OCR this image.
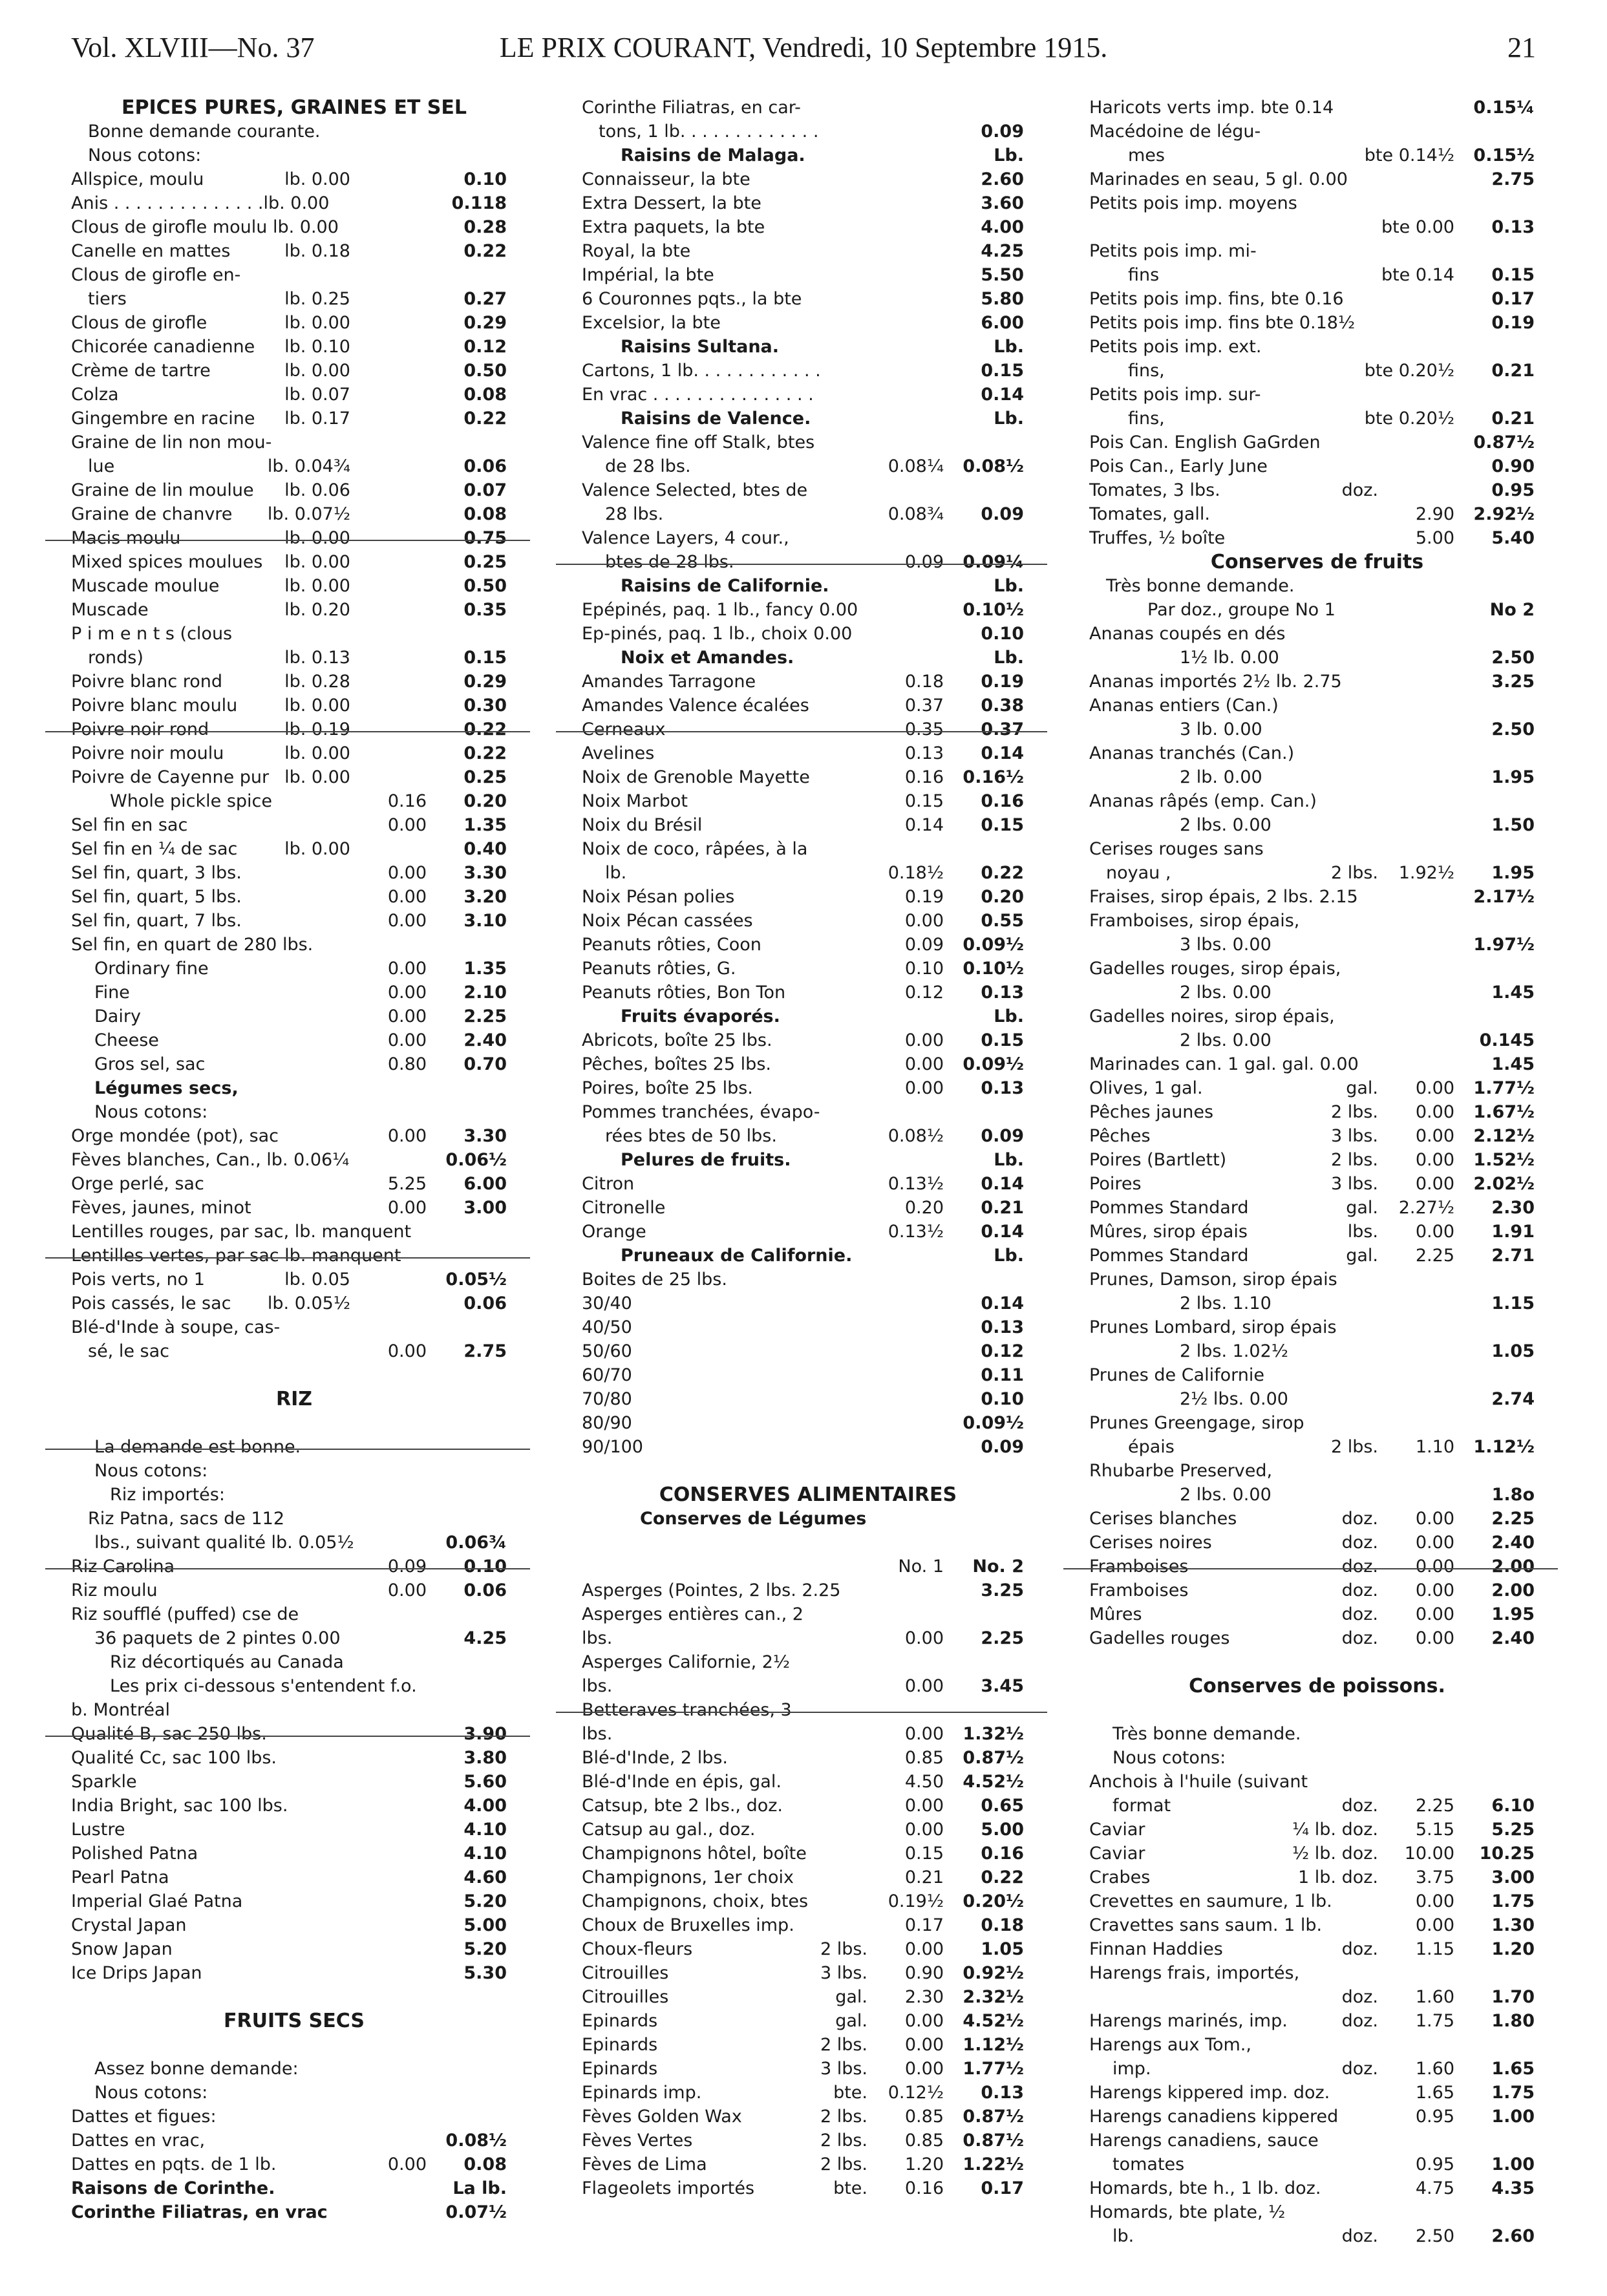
Vol. XLVIII—No. 37	LE PRIX COURANT, Vendredi, 10 Septembre 1915.	21
EPICES PURES, GRAINES ET SEL
Bonne demande courante.
Nous cotons:
Allspice, moulu	lb. 0.00	0.10
Anis . . . . . . . . . . . . . .lb. 0.00	0.118
Clous de girofle moulu lb. 0.00	0.28
Canelle en mattes	lb. 0.18	0.22
Clous de girofle en-
tiers	lb. 0.25	0.27
Clous de girofle	lb. 0.00	0.29
Chicorée canadienne lb. 0.10	0.12
Crème de tartre	lb. 0.00	0.50
Colza	lb. 0.07	0.08
Gingembre en racine lb. 0.17	0.22
Graine de lin non mou-
lue	lb. 0.04¾	0.06
Graine de lin moulue lb. 0.06	0.07
Graine de chanvre lb. 0.07½	0.08
Macis moulu	lb. 0.00	0.75
Mixed spices moulues lb. 0.00	0.25
Muscade moulue	lb. 0.00	0.50
Muscade	lb. 0.20	0.35
P i m e n t s (clous
ronds)	lb. 0.13	0.15
Poivre blanc rond	lb. 0.28	0.29
Poivre blanc moulu	lb. 0.00	0.30
Poivre noir rond	lb. 0.19	0.22
Poivre noir moulu	lb. 0.00	0.22
Poivre de Cayenne pur lb. 0.00	0.25
Whole pickle spice	0.16 0.20
Sel fin en sac	0.00 1.35
Sel fin en ¼ de sac	lb. 0.00	0.40
Sel fin, quart, 3 lbs.	0.00 3.30
Sel fin, quart, 5 lbs.	0.00 3.20
Sel fin, quart, 7 lbs.	0.00 3.10
Sel fin, en quart de 280 lbs.
Ordinary fine	0.00 1.35
Fine	0.00 2.10
Dairy	0.00 2.25
Cheese	0.00 2.40
Gros sel, sac	0.80 0.70
Légumes secs,
Nous cotons:
Orge mondée (pot), sac	0.00 3.30
Fèves blanches, Can., lb. 0.06¼	0.06½
Orge perlé, sac	5.25 6.00
Fèves, jaunes, minot	0.00 3.00
Lentilles rouges, par sac, lb. manquent
Lentilles vertes, par sac lb. manquent
Pois verts, no 1	lb. 0.05	0.05½
Pois cassés, le sac lb. 0.05½	0.06
Blé-d'Inde à soupe, cas-
sé, le sac	0.00 2.75
RIZ
La demande est bonne.
Nous cotons:
Riz importés:
Riz Patna, sacs de 112
lbs., suivant qualité lb. 0.05½	0.06¾
Riz Carolina	0.09 0.10
Riz moulu	0.00 0.06
Riz soufflé (puffed) cse de
36 paquets de 2 pintes 0.00	4.25
Riz décortiqués au Canada
Les prix ci-dessous s'entendent f.o.
b. Montréal
Qualité B, sac 250 lbs.	3.90
Qualité Cc, sac 100 lbs.	3.80
Sparkle	5.60
India Bright, sac 100 lbs.	4.00
Lustre	4.10
Polished Patna	4.10
Pearl Patna	4.60
Imperial Glaé Patna	5.20
Crystal Japan	5.00
Snow Japan	5.20
Ice Drips Japan	5.30
FRUITS SECS
Assez bonne demande:
Nous cotons:
Dattes et figues:
Dattes en vrac,	0.08½
Dattes en pqts. de 1 lb.	0.00 0.08
Raisons de Corinthe.	La lb.
Corinthe Filiatras, en vrac	0.07½
Corinthe Filiatras, en car-
tons, 1 lb. . . . . . . . . . . . .	0.09
Raisins de Malaga.	Lb.
Connaisseur, la bte	2.60
Extra Dessert, la bte	3.60
Extra paquets, la bte	4.00
Royal, la bte	4.25
Impérial, la bte	5.50
6 Couronnes pqts., la bte	5.80
Excelsior, la bte	6.00
Raisins Sultana.	Lb.
Cartons, 1 lb. . . . . . . . . . . .	0.15
En vrac . . . . . . . . . . . . . . .	0.14
Raisins de Valence.	Lb.
Valence fine off Stalk, btes
de 28 lbs.	0.08¼ 0.08½
Valence Selected, btes de
28 lbs.	0.08¾ 0.09
Valence Layers, 4 cour.,
btes de 28 lbs.	0.09 0.09¼
Raisins de Californie.	Lb.
Epépinés, paq. 1 lb., fancy 0.00	0.10½
Ep-pinés, paq. 1 lb., choix 0.00	0.10
Noix et Amandes.	Lb.
Amandes Tarragone	0.18 0.19
Amandes Valence écalées	0.37 0.38
Cerneaux	0.35 0.37
Avelines	0.13 0.14
Noix de Grenoble Mayette	0.16 0.16½
Noix Marbot	0.15 0.16
Noix du Brésil	0.14 0.15
Noix de coco, râpées, à la
lb.	0.18½ 0.22
Noix Pésan polies	0.19 0.20
Noix Pécan cassées	0.00 0.55
Peanuts rôties, Coon	0.09 0.09½
Peanuts rôties, G.	0.10 0.10½
Peanuts rôties, Bon Ton	0.12 0.13
Fruits évaporés.	Lb.
Abricots, boîte 25 lbs.	0.00 0.15
Pêches, boîtes 25 lbs.	0.00 0.09½
Poires, boîte 25 lbs.	0.00 0.13
Pommes tranchées, évapo-
rées btes de 50 lbs.	0.08½ 0.09
Pelures de fruits.	Lb.
Citron	0.13½ 0.14
Citronelle	0.20 0.21
Orange	0.13½ 0.14
Pruneaux de Californie.	Lb.
Boites de 25 lbs.
30/40	0.14
40/50	0.13
50/60	0.12
60/70	0.11
70/80	0.10
80/90	0.09½
90/100	0.09
CONSERVES ALIMENTAIRES
Conserves de Légumes
No. 1 No. 2
Asperges (Pointes, 2 lbs. 2.25	3.25
Asperges entières can., 2
lbs.	0.00 2.25
Asperges Californie, 2½
lbs.	0.00 3.45
Betteraves tranchées, 3
lbs.	0.00 1.32½
Blé-d'Inde, 2 lbs.	0.85 0.87½
Blé-d'Inde en épis, gal.	4.50 4.52½
Catsup, bte 2 lbs., doz.	0.00 0.65
Catsup au gal., doz.	0.00 5.00
Champignons hôtel, boîte	0.15 0.16
Champignons, 1er choix	0.21 0.22
Champignons, choix, btes	0.19½ 0.20½
Choux de Bruxelles imp.	0.17 0.18
Choux-fleurs	2 lbs. 0.00 1.05
Citrouilles	3 lbs. 0.90 0.92½
Citrouilles	gal. 2.30 2.32½
Epinards	gal. 0.00 4.52½
Epinards	2 lbs. 0.00 1.12½
Epinards	3 lbs. 0.00 1.77½
Epinards imp.	bte. 0.12½ 0.13
Fèves Golden Wax	2 lbs. 0.85 0.87½
Fèves Vertes	2 lbs. 0.85 0.87½
Fèves de Lima	2 lbs. 1.20 1.22½
Flageolets importés	bte. 0.16 0.17
Haricots verts imp. bte 0.14	0.15¼
Macédoine de légu-
mes	bte 0.14½ 0.15½
Marinades en seau, 5 gl. 0.00	2.75
Petits pois imp. moyens
bte 0.00 0.13
Petits pois imp. mi-
fins	bte 0.14 0.15
Petits pois imp. fins, bte 0.16	0.17
Petits pois imp. fins bte 0.18½	0.19
Petits pois imp. ext.
fins,	bte 0.20½ 0.21
Petits pois imp. sur-
fins,	bte 0.20½ 0.21
Pois Can. English GaGrden	0.87½
Pois Can., Early June	0.90
Tomates, 3 lbs.	doz.	0.95
Tomates, gall.	2.90 2.92½
Truffes, ½ boîte	5.00 5.40
Conserves de fruits
Très bonne demande.
Par doz., groupe No 1	No 2
Ananas coupés en dés
1½ lb. 0.00	2.50
Ananas importés 2½ lb. 2.75	3.25
Ananas entiers (Can.)
3 lb. 0.00	2.50
Ananas tranchés (Can.)
2 lb. 0.00	1.95
Ananas râpés (emp. Can.)
2 lbs. 0.00	1.50
Cerises rouges sans
noyau ,	2 lbs. 1.92½ 1.95
Fraises, sirop épais, 2 lbs. 2.15	2.17½
Framboises, sirop épais,
3 lbs. 0.00	1.97½
Gadelles rouges, sirop épais,
2 lbs. 0.00	1.45
Gadelles noires, sirop épais,
2 lbs. 0.00	0.145
Marinades can. 1 gal. gal. 0.00	1.45
Olives, 1 gal.	gal. 0.00 1.77½
Pêches jaunes	2 lbs. 0.00 1.67½
Pêches	3 lbs. 0.00 2.12½
Poires (Bartlett)	2 lbs. 0.00 1.52½
Poires	3 lbs. 0.00 2.02½
Pommes Standard	gal. 2.27½ 2.30
Mûres, sirop épais	lbs. 0.00 1.91
Pommes Standard	gal. 2.25 2.71
Prunes, Damson, sirop épais
2 lbs. 1.10	1.15
Prunes Lombard, sirop épais
2 lbs. 1.02½	1.05
Prunes de Californie
2½ lbs. 0.00	2.74
Prunes Greengage, sirop
épais	2 lbs. 1.10 1.12½
Rhubarbe Preserved,
2 lbs. 0.00	1.8o
Cerises blanches	doz. 0.00 2.25
Cerises noires	doz. 0.00 2.40
Framboises	doz. 0.00 2.00
Framboises	doz. 0.00 2.00
Mûres	doz. 0.00 1.95
Gadelles rouges	doz. 0.00 2.40
Conserves de poissons.
Très bonne demande.
Nous cotons:
Anchois à l'huile (suivant
format	doz. 2.25 6.10
Caviar	¼ lb. doz. 5.15 5.25
Caviar	½ lb. doz. 10.00 10.25
Crabes	1 lb. doz. 3.75 3.00
Crevettes en saumure, 1 lb.	0.00 1.75
Cravettes sans saum. 1 lb.	0.00 1.30
Finnan Haddies	doz. 1.15 1.20
Harengs frais, importés,
doz. 1.60 1.70
Harengs marinés, imp.	doz. 1.75 1.80
Harengs aux Tom.,
imp.	doz. 1.60 1.65
Harengs kippered imp. doz.	1.65 1.75
Harengs canadiens kippered	0.95 1.00
Harengs canadiens, sauce
tomates	0.95 1.00
Homards, bte h., 1 lb. doz.	4.75 4.35
Homards, bte plate, ½
lb.	doz. 2.50 2.60
